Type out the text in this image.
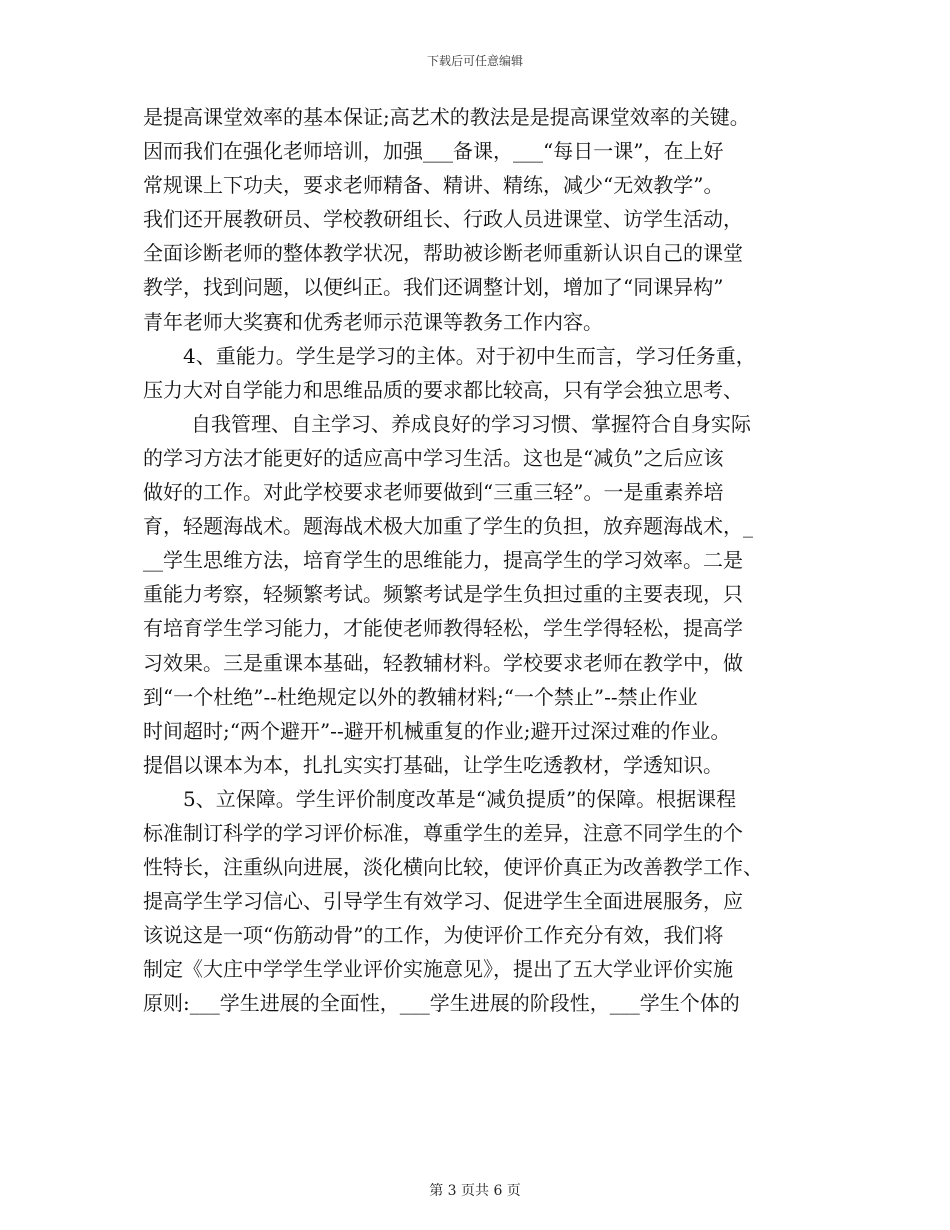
下载后可任意编辑
是提高课堂效率的基本保证;高艺术的教法是是提高课堂效率的关键。
因而我们在强化老师培训，加强___备课，___“每日一课”，在上好
常规课上下功夫，要求老师精备、精讲、精练，减少“无效教学”。
我们还开展教研员、学校教研组长、行政人员进课堂、访学生活动，
全面诊断老师的整体教学状况，帮助被诊断老师重新认识自己的课堂
教学，找到问题，以便纠正。我们还调整计划，增加了“同课异构”
青年老师大奖赛和优秀老师示范课等教务工作内容。
4、重能力。学生是学习的主体。对于初中生而言，学习任务重，
压力大对自学能力和思维品质的要求都比较高，只有学会独立思考、
自我管理、自主学习、养成良好的学习习惯、掌握符合自身实际
的学习方法才能更好的适应高中学习生活。这也是“减负”之后应该
做好的工作。对此学校要求老师要做到“三重三轻”。一是重素养培
育，轻题海战术。题海战术极大加重了学生的负担，放弃题海战术，_
__学生思维方法，培育学生的思维能力，提高学生的学习效率。二是
重能力考察，轻频繁考试。频繁考试是学生负担过重的主要表现，只
有培育学生学习能力，才能使老师教得轻松，学生学得轻松，提高学
习效果。三是重课本基础，轻教辅材料。学校要求老师在教学中，做
到“一个杜绝”--杜绝规定以外的教辅材料;“一个禁止”--禁止作业
时间超时;“两个避开”--避开机械重复的作业;避开过深过难的作业。
提倡以课本为本，扎扎实实打基础，让学生吃透教材，学透知识。
5、立保障。学生评价制度改革是“减负提质”的保障。根据课程
标准制订科学的学习评价标准，尊重学生的差异，注意不同学生的个
性特长，注重纵向进展，淡化横向比较，使评价真正为改善教学工作、
提高学生学习信心、引导学生有效学习、促进学生全面进展服务，应
该说这是一项“伤筋动骨”的工作，为使评价工作充分有效，我们将
制定《大庄中学学生学业评价实施意见》，提出了五大学业评价实施
原则:___学生进展的全面性，___学生进展的阶段性，___学生个体的
第 3 页共 6 页
